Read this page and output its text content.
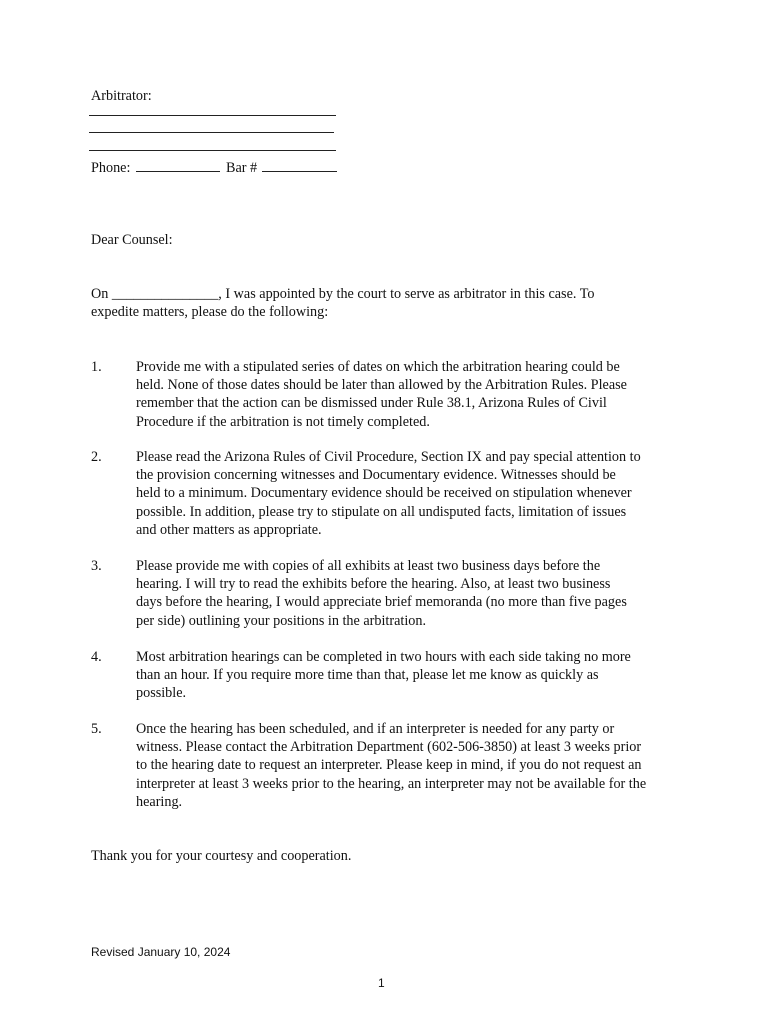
Arbitrator:
Phone:	Bar #
Dear Counsel:
On _______________, I was appointed by the court to serve as arbitrator in this case. To
expedite matters, please do the following:
1. Provide me with a stipulated series of dates on which the arbitration hearing could be
held. None of those dates should be later than allowed by the Arbitration Rules. Please
remember that the action can be dismissed under Rule 38.1, Arizona Rules of Civil
Procedure if the arbitration is not timely completed.
2. Please read the Arizona Rules of Civil Procedure, Section IX and pay special attention to
the provision concerning witnesses and Documentary evidence. Witnesses should be
held to a minimum. Documentary evidence should be received on stipulation whenever
possible. In addition, please try to stipulate on all undisputed facts, limitation of issues
and other matters as appropriate.
3. Please provide me with copies of all exhibits at least two business days before the
hearing. I will try to read the exhibits before the hearing. Also, at least two business
days before the hearing, I would appreciate brief memoranda (no more than five pages
per side) outlining your positions in the arbitration.
4. Most arbitration hearings can be completed in two hours with each side taking no more
than an hour. If you require more time than that, please let me know as quickly as
possible.
5. Once the hearing has been scheduled, and if an interpreter is needed for any party or
witness. Please contact the Arbitration Department (602-506-3850) at least 3 weeks prior
to the hearing date to request an interpreter. Please keep in mind, if you do not request an
interpreter at least 3 weeks prior to the hearing, an interpreter may not be available for the
hearing.
Thank you for your courtesy and cooperation.
Revised January 10, 2024
1
